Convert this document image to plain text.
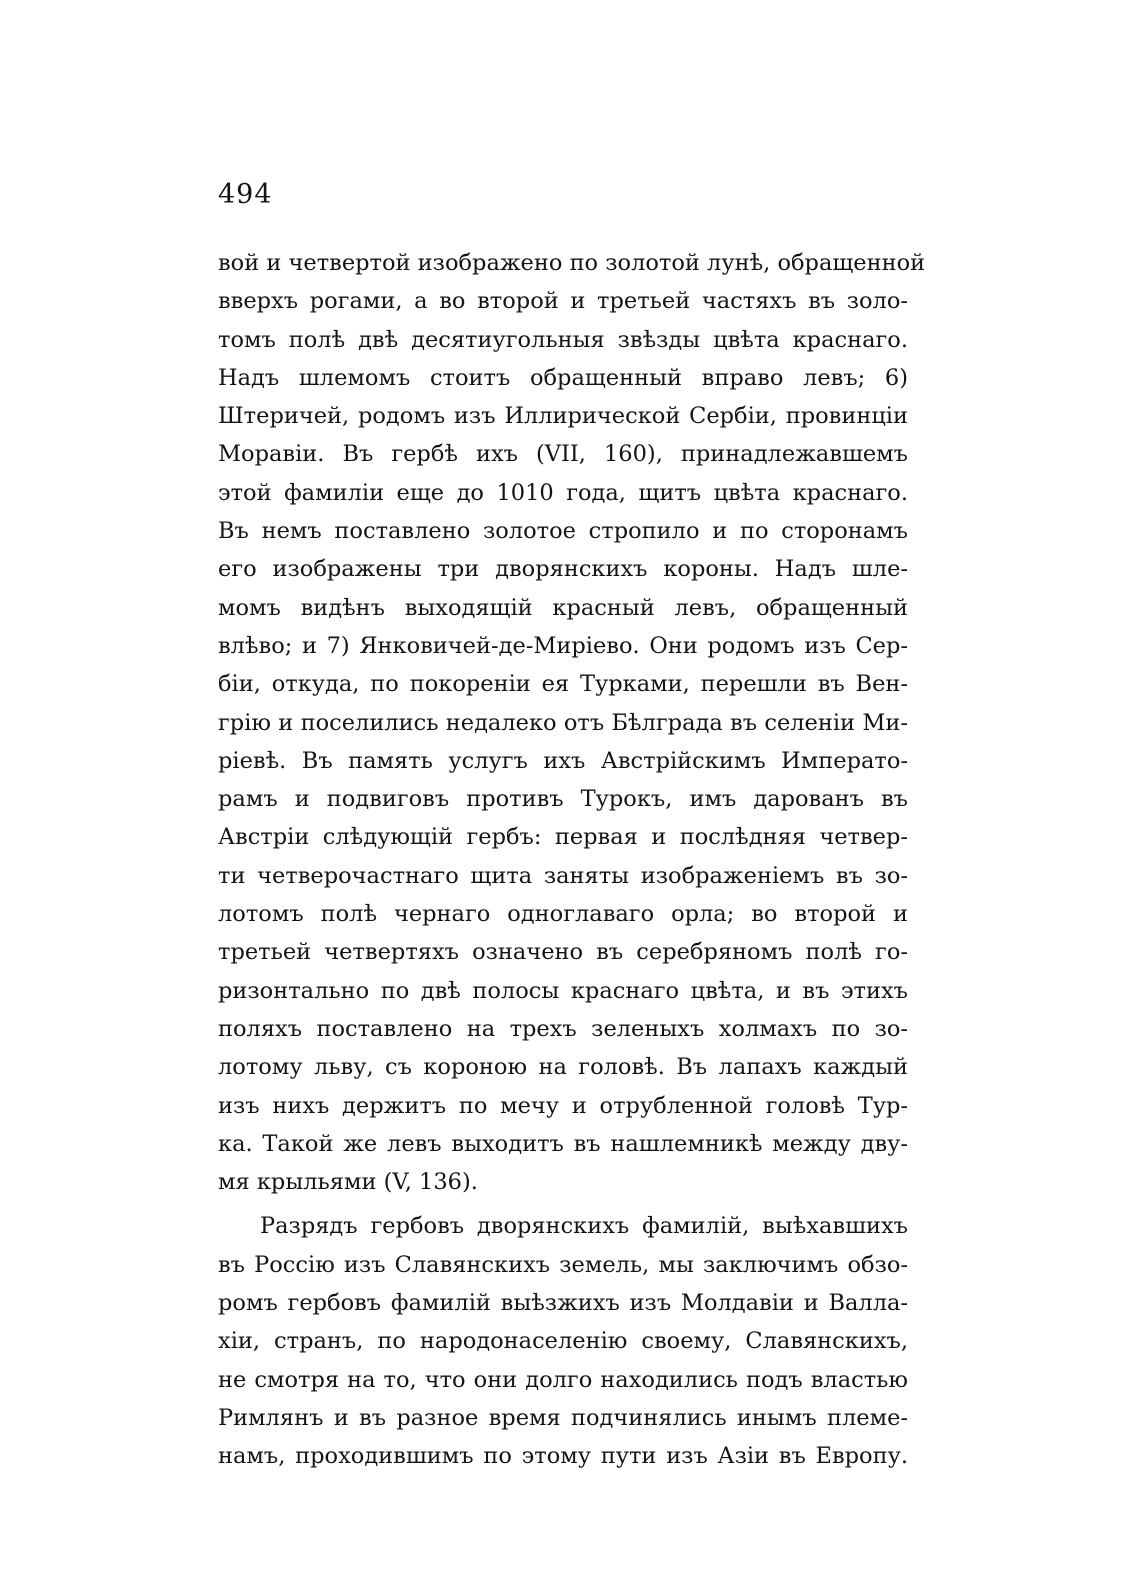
494
вой и четвертой изображено по золотой лунѣ, обращенной
вверхъ рогами, а во второй и третьей частяхъ въ золо-
томъ полѣ двѣ десятиугольныя звѣзды цвѣта краснаго.
Надъ шлемомъ стоитъ обращенный вправо левъ; 6)
Штеричей, родомъ изъ Иллирической Сербіи, провинціи
Моравіи. Въ гербѣ ихъ (VII, 160), принадлежавшемъ
этой фамиліи еще до 1010 года, щитъ цвѣта краснаго.
Въ немъ поставлено золотое стропило и по сторонамъ
его изображены три дворянскихъ короны. Надъ шле-
момъ видѣнъ выходящій красный левъ, обращенный
влѣво; и 7) Янковичей-де-Миріево. Они родомъ изъ Сер-
біи, откуда, по покореніи ея Турками, перешли въ Вен-
грію и поселились недалеко отъ Бѣлграда въ селеніи Ми-
ріевѣ. Въ память услугъ ихъ Австрійскимъ Императо-
рамъ и подвиговъ противъ Турокъ, имъ дарованъ въ
Австріи слѣдующій гербъ: первая и послѣдняя четвер-
ти четверочастнаго щита заняты изображеніемъ въ зо-
лотомъ полѣ чернаго одноглаваго орла; во второй и
третьей четвертяхъ означено въ серебряномъ полѣ го-
ризонтально по двѣ полосы краснаго цвѣта, и въ этихъ
поляхъ поставлено на трехъ зеленыхъ холмахъ по зо-
лотому льву, съ короною на головѣ. Въ лапахъ каждый
изъ нихъ держитъ по мечу и отрубленной головѣ Тур-
ка. Такой же левъ выходитъ въ нашлемникѣ между дву-
мя крыльями (V, 136).
Разрядъ гербовъ дворянскихъ фамилій, выѣхавшихъ
въ Россію изъ Славянскихъ земель, мы заключимъ обзо-
ромъ гербовъ фамилій выѣзжихъ изъ Молдавіи и Валла-
хіи, странъ, по народонаселенію своему, Славянскихъ,
не смотря на то, что они долго находились подъ властью
Римлянъ и въ разное время подчинялись инымъ племе-
намъ, проходившимъ по этому пути изъ Азіи въ Европу.
